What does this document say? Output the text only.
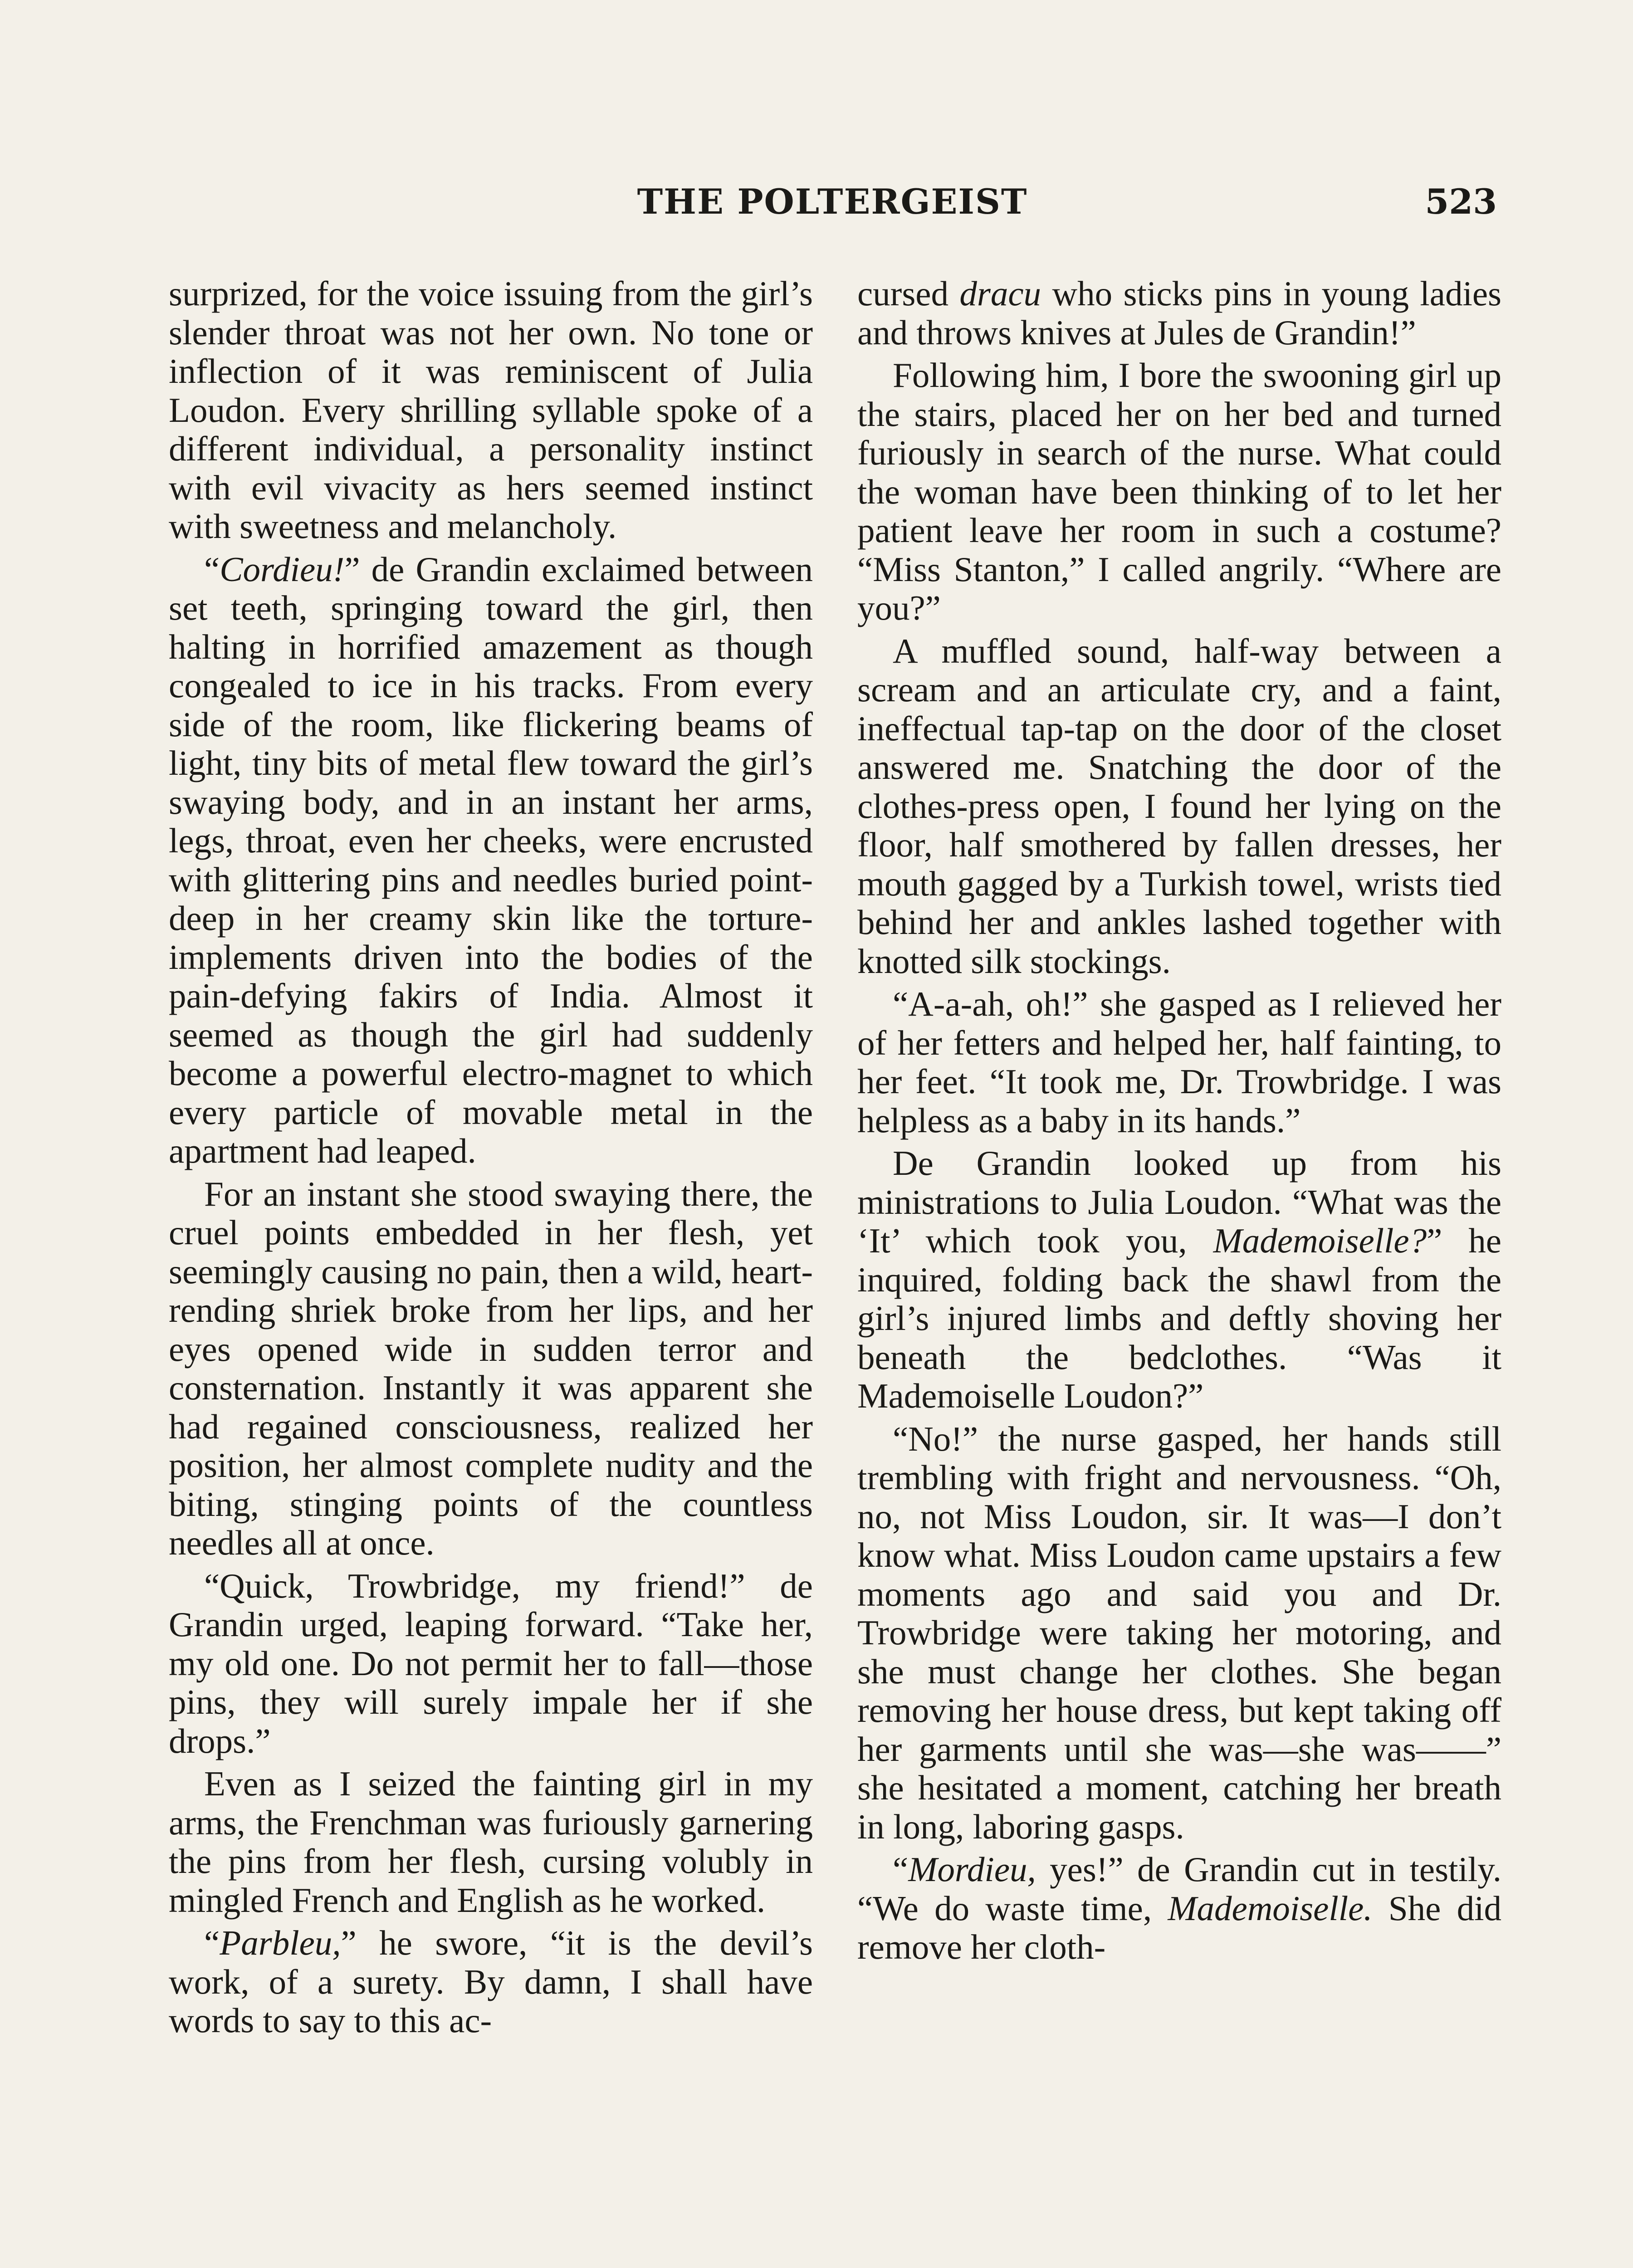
THE POLTERGEIST	523

surprized, for the voice issuing from the girl’s slender throat was not her own. No tone or inflection of it was reminiscent of Julia Loudon. Every shrilling syllable spoke of a different individual, a personality instinct with evil vivacity as hers seemed instinct with sweetness and melancholy.

“Cordieu!” de Grandin exclaimed between set teeth, springing toward the girl, then halting in horrified amazement as though congealed to ice in his tracks. From every side of the room, like flickering beams of light, tiny bits of metal flew toward the girl’s swaying body, and in an instant her arms, legs, throat, even her cheeks, were encrusted with glittering pins and needles buried point-deep in her creamy skin like the torture-implements driven into the bodies of the pain-defying fakirs of India. Almost it seemed as though the girl had suddenly become a powerful electro-magnet to which every particle of movable metal in the apartment had leaped.

For an instant she stood swaying there, the cruel points embedded in her flesh, yet seemingly causing no pain, then a wild, heart-rending shriek broke from her lips, and her eyes opened wide in sudden terror and consternation. Instantly it was apparent she had regained consciousness, realized her position, her almost complete nudity and the biting, stinging points of the countless needles all at once.

“Quick, Trowbridge, my friend!” de Grandin urged, leaping forward. “Take her, my old one. Do not permit her to fall—those pins, they will surely impale her if she drops.”

Even as I seized the fainting girl in my arms, the Frenchman was furiously garnering the pins from her flesh, cursing volubly in mingled French and English as he worked.

“Parbleu,” he swore, “it is the devil’s work, of a surety. By damn, I shall have words to say to this ac-

cursed dracu who sticks pins in young ladies and throws knives at Jules de Grandin!”

Following him, I bore the swooning girl up the stairs, placed her on her bed and turned furiously in search of the nurse. What could the woman have been thinking of to let her patient leave her room in such a costume? “Miss Stanton,” I called angrily. “Where are you?”

A muffled sound, half-way between a scream and an articulate cry, and a faint, ineffectual tap-tap on the door of the closet answered me. Snatching the door of the clothes-press open, I found her lying on the floor, half smothered by fallen dresses, her mouth gagged by a Turkish towel, wrists tied behind her and ankles lashed together with knotted silk stockings.

“A-a-ah, oh!” she gasped as I relieved her of her fetters and helped her, half fainting, to her feet. “It took me, Dr. Trowbridge. I was helpless as a baby in its hands.”

De Grandin looked up from his ministrations to Julia Loudon. “What was the ‘It’ which took you, Mademoiselle?” he inquired, folding back the shawl from the girl’s injured limbs and deftly shoving her beneath the bedclothes. “Was it Mademoiselle Loudon?”

“No!” the nurse gasped, her hands still trembling with fright and nervousness. “Oh, no, not Miss Loudon, sir. It was—I don’t know what. Miss Loudon came upstairs a few moments ago and said you and Dr. Trowbridge were taking her motoring, and she must change her clothes. She began removing her house dress, but kept taking off her garments until she was—she was——” she hesitated a moment, catching her breath in long, laboring gasps.

“Mordieu, yes!” de Grandin cut in testily. “We do waste time, Mademoiselle. She did remove her cloth-
